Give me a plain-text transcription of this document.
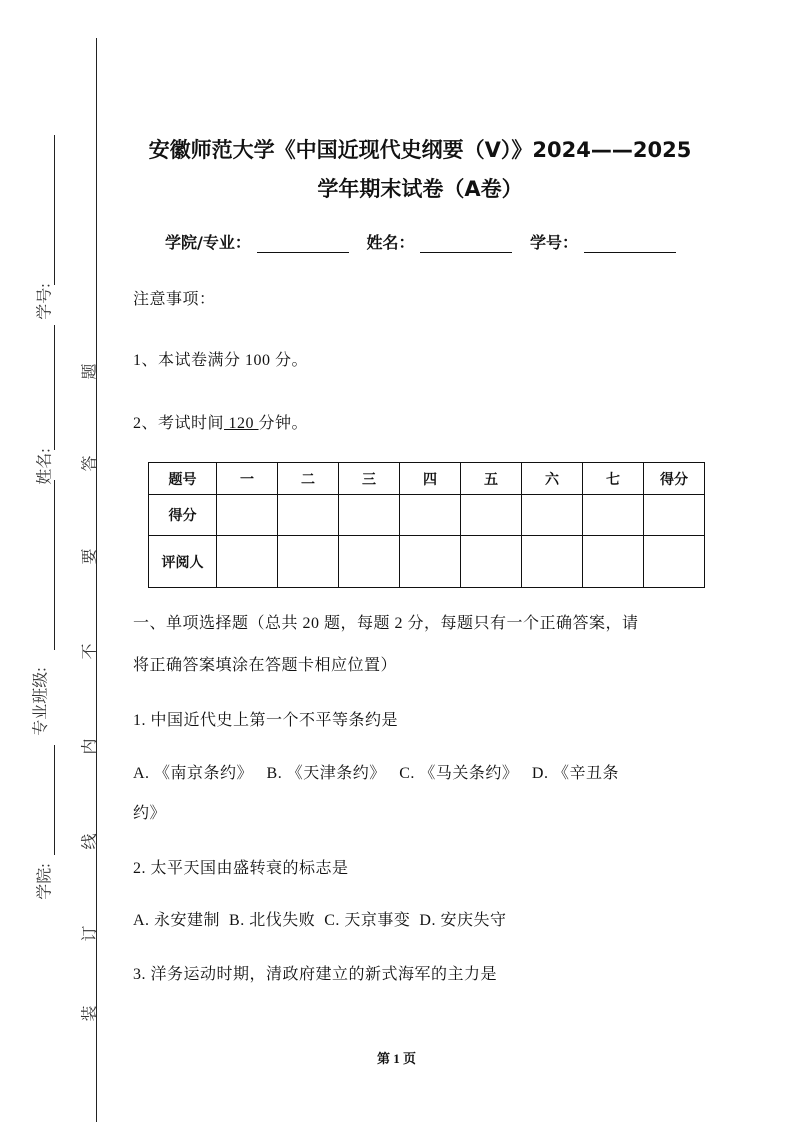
学号:
姓名:
专业班级:
学院:
题
答
要
不
内
线
订
装
安徽师范大学《中国近现代史纲要（V）》2024——2025
学年期末试卷（A卷）
学院/专业：	姓名：	学号：
注意事项：
1、本试卷满分 100 分。
2、考试时间 120 分钟。
题号	一	二	三	四	五	六	七	得分
得分								
评阅人								
一、单项选择题（总共 20 题，每题 2 分，每题只有一个正确答案，请
将正确答案填涂在答题卡相应位置）
1. 中国近代史上第一个不平等条约是
A. 《南京条约》   B. 《天津条约》   C. 《马关条约》   D. 《辛丑条
约》
2. 太平天国由盛转衰的标志是
A. 永安建制  B. 北伐失败  C. 天京事变  D. 安庆失守
3. 洋务运动时期，清政府建立的新式海军的主力是
第 1 页
